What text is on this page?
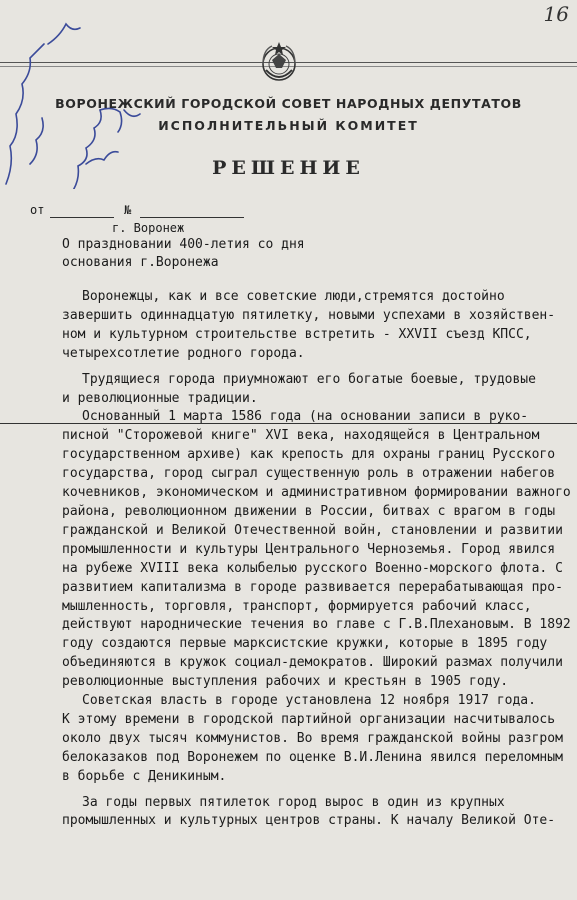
16
ВОРОНЕЖСКИЙ ГОРОДСКОЙ СОВЕТ НАРОДНЫХ ДЕПУТАТОВ
ИСПОЛНИТЕЛЬНЫЙ КОМИТЕТ
РЕШЕНИЕ
от	№
г. Воронеж
О праздновании 400-летия со дня
основания г.Воронежа
Воронежцы, как и все советские люди,стремятся достойно
завершить одиннадцатую пятилетку, новыми успехами в хозяйствен-
ном и культурном строительстве встретить - XXVII съезд КПСС,
четырехсотлетие родного города.
Трудящиеся города приумножают его богатые боевые, трудовые
и революционные традиции.
Основанный 1 марта 1586 года (на основании записи в руко-
писной "Сторожевой книге" XVI века, находящейся в Центральном
государственном архиве) как крепость для охраны границ Русского
государства, город сыграл существенную роль в отражении набегов
кочевников, экономическом и административном формировании важного
района, революционном движении в России, битвах с врагом в годы
гражданской и Великой Отечественной войн, становлении и развитии
промышленности и культуры Центрального Черноземья. Город явился
на рубеже XVIII века колыбелью русского Военно-морского флота. С
развитием капитализма в городе развивается перерабатывающая про-
мышленность, торговля, транспорт, формируется рабочий класс,
действуют народнические течения во главе с Г.В.Плехановым. В 1892
году создаются первые марксистские кружки, которые в 1895 году
объединяются в кружок социал-демократов. Широкий размах получили
революционные выступления рабочих и крестьян в 1905 году.
Советская власть в городе установлена 12 ноября 1917 года.
К этому времени в городской партийной организации насчитывалось
около двух тысяч коммунистов. Во время гражданской войны разгром
белоказаков под Воронежем по оценке В.И.Ленина явился переломным
в борьбе с Деникиным.
За годы первых пятилеток город вырос в один из крупных
промышленных и культурных центров страны. К началу Великой Оте-
